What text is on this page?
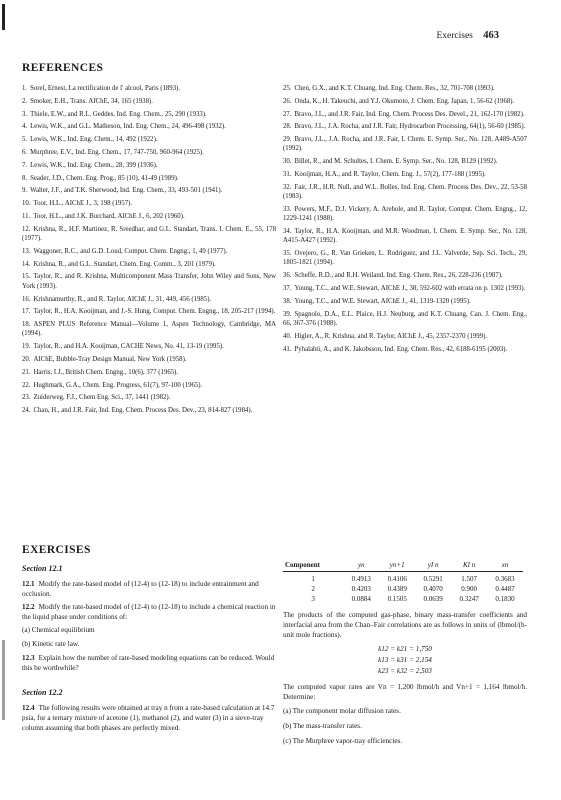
Exercises 463
REFERENCES

1. Sorel, Ernest, La rectification de l' alcool, Paris (1893).

2. Smoker, E.H., Trans. AIChE, 34, 165 (1938).

3. Thiele, E.W., and R.L. Geddes, Ind. Eng. Chem., 25, 290 (1933).

4. Lewis, W.K., and G.L. Matheson, Ind. Eng. Chem., 24, 496-498 (1932).

5. Lewis, W.K., Ind. Eng. Chem., 14, 492 (1922).

6. Murphree, E.V., Ind. Eng. Chem., 17, 747-750, 960-964 (1925).

7. Lewis, W.K., Ind. Eng. Chem., 28, 399 (1936).

8. Seader, J.D., Chem. Eng. Prog., 85 (10), 41-49 (1989).

9. Walter, J.F., and T.K. Sherwood, Ind. Eng. Chem., 33, 493-501 (1941).

10. Toor, H.L., AIChE J., 3, 198 (1957).

11. Toor, H.L., and J.K. Burchard, AIChE J., 6, 202 (1960).

12. Krishna, R., H.F. Martinez, R. Sreedhar, and G.L. Standart, Trans. I. Chem. E., 55, 178 (1977).

13. Waggoner, R.C., and G.D. Loud, Comput. Chem. Engng., 1, 49 (1977).

14. Krishna, R., and G.L. Standart, Chem. Eng. Comm., 3, 201 (1979).

15. Taylor, R., and R. Krishna, Multicomponent Mass Transfer, John Wiley and Sons, New York (1993).

16. Krishnamurthy, R., and R. Taylor, AIChE J., 31, 449, 456 (1985).

17. Taylor, R., H.A. Kooijman, and J.-S. Hung, Comput. Chem. Engng., 18, 205-217 (1994).

18. ASPEN PLUS Reference Manual—Volume 1, Aspen Technology, Cambridge, MA (1994).

19. Taylor, R., and H.A. Kooijman, CACHE News, No. 41, 13-19 (1995).

20. AIChE, Bubble-Tray Design Manual, New York (1958).

21. Harris, I.J., British Chem. Engng., 10(6), 377 (1965).

22. Hughmark, G.A., Chem. Eng. Progress, 61(7), 97-100 (1965).

23. Zuiderweg, F.J., Chem Eng. Sci., 37, 1441 (1982).

24. Chan, H., and J.R. Fair, Ind. Eng. Chem. Process Des. Dev., 23, 814-827 (1984).

25. Chen, G.X., and K.T. Chuang, Ind. Eng. Chem. Res., 32, 701-708 (1993).

26. Onda, K., H. Takeuchi, and Y.J. Okumoto, J. Chem. Eng. Japan, 1, 56-62 (1968).

27. Bravo, J.L., and J.R. Fair, Ind. Eng. Chem. Process Des. Devel., 21, 162-170 (1982).

28. Bravo, J.L., J.A. Rocha, and J.R. Fair, Hydrocarbon Processing, 64(1), 56-60 (1985).

29. Bravo, J.L., J.A. Rocha, and J.R. Fair, I. Chem. E. Symp. Ser., No. 128, A489-A507 (1992).

30. Billet, R., and M. Schultes, I. Chem. E. Symp. Ser., No. 128, B129 (1992).

31. Kooijman, H.A., and R. Taylor, Chem. Eng. J., 57(2), 177-188 (1995).

32. Fair, J.R., H.R. Null, and W.L. Bolles, Ind. Eng. Chem. Process Des. Dev., 22, 53-58 (1983).

33. Powers, M.F., D.J. Vickery, A. Arehole, and R. Taylor, Comput. Chem. Engng., 12, 1229-1241 (1988).

34. Taylor, R., H.A. Kooijman, and M.R. Woodman, I. Chem. E. Symp. Ser., No. 128, A415-A427 (1992).

35. Ovejero, G., R. Van Grieken, L. Rodriguez, and J.L. Valverde, Sep. Sci. Tech., 29, 1805-1821 (1994).

36. Scheffe, R.D., and R.H. Weiland, Ind. Eng. Chem. Res., 26, 228-236 (1987).

37. Young, T.C., and W.E. Stewart, AIChE J., 38, 592-602 with errata on p. 1302 (1993).

38. Young, T.C., and W.E. Stewart, AIChE J., 41, 1319-1320 (1995).

39. Spagnolo, D.A., E.L. Plaice, H.J. Neuburg, and K.T. Chuang, Can. J. Chem. Eng., 66, 367-376 (1988).

40. Higler, A., R. Krishna, and R. Taylor, AIChE J., 45, 2357-2370 (1999).

41. Pyhalahti, A., and K. Jakobsson, Ind. Eng. Chem. Res., 42, 6188-6195 (2003).

EXERCISES

Section 12.1

12.1 Modify the rate-based model of (12-4) to (12-18) to include entrainment and occlusion.

12.2 Modify the rate-based model of (12-4) to (12-18) to include a chemical reaction in the liquid phase under conditions of:

(a) Chemical equilibrium

(b) Kinetic rate law.

12.3 Explain how the number of rate-based modeling equations can be reduced. Would this be worthwhile?

Section 12.2

12.4 The following results were obtained at tray n from a rate-based calculation at 14.7 psia, for a ternary mixture of acetone (1), methanol (2), and water (3) in a sieve-tray column assuming that both phases are perfectly mixed.

Component	yn	yn+1	yI n	KI n	xn
1	0.4913	0.4106	0.5291	1.507	0.3683
2	0.4203	0.4389	0.4070	0.900	0.4487
3	0.0884	0.1505	0.0639	0.3247	0.1830

The products of the computed gas-phase, binary mass-transfer coefficients and interfacial area from the Chan–Fair correlations are as follows in units of (lbmol/(h-unit mole fractions).

k12 = k21 = 1,750

k13 = k31 = 2,154

k23 = k32 = 2,503

The computed vapor rates are Vn = 1,200 lbmol/h and Vn+1 = 1,164 lbmol/h. Determine:

(a) The component molar diffusion rates.

(b) The mass-transfer rates.

(c) The Murphree vapor-tray efficiencies.
